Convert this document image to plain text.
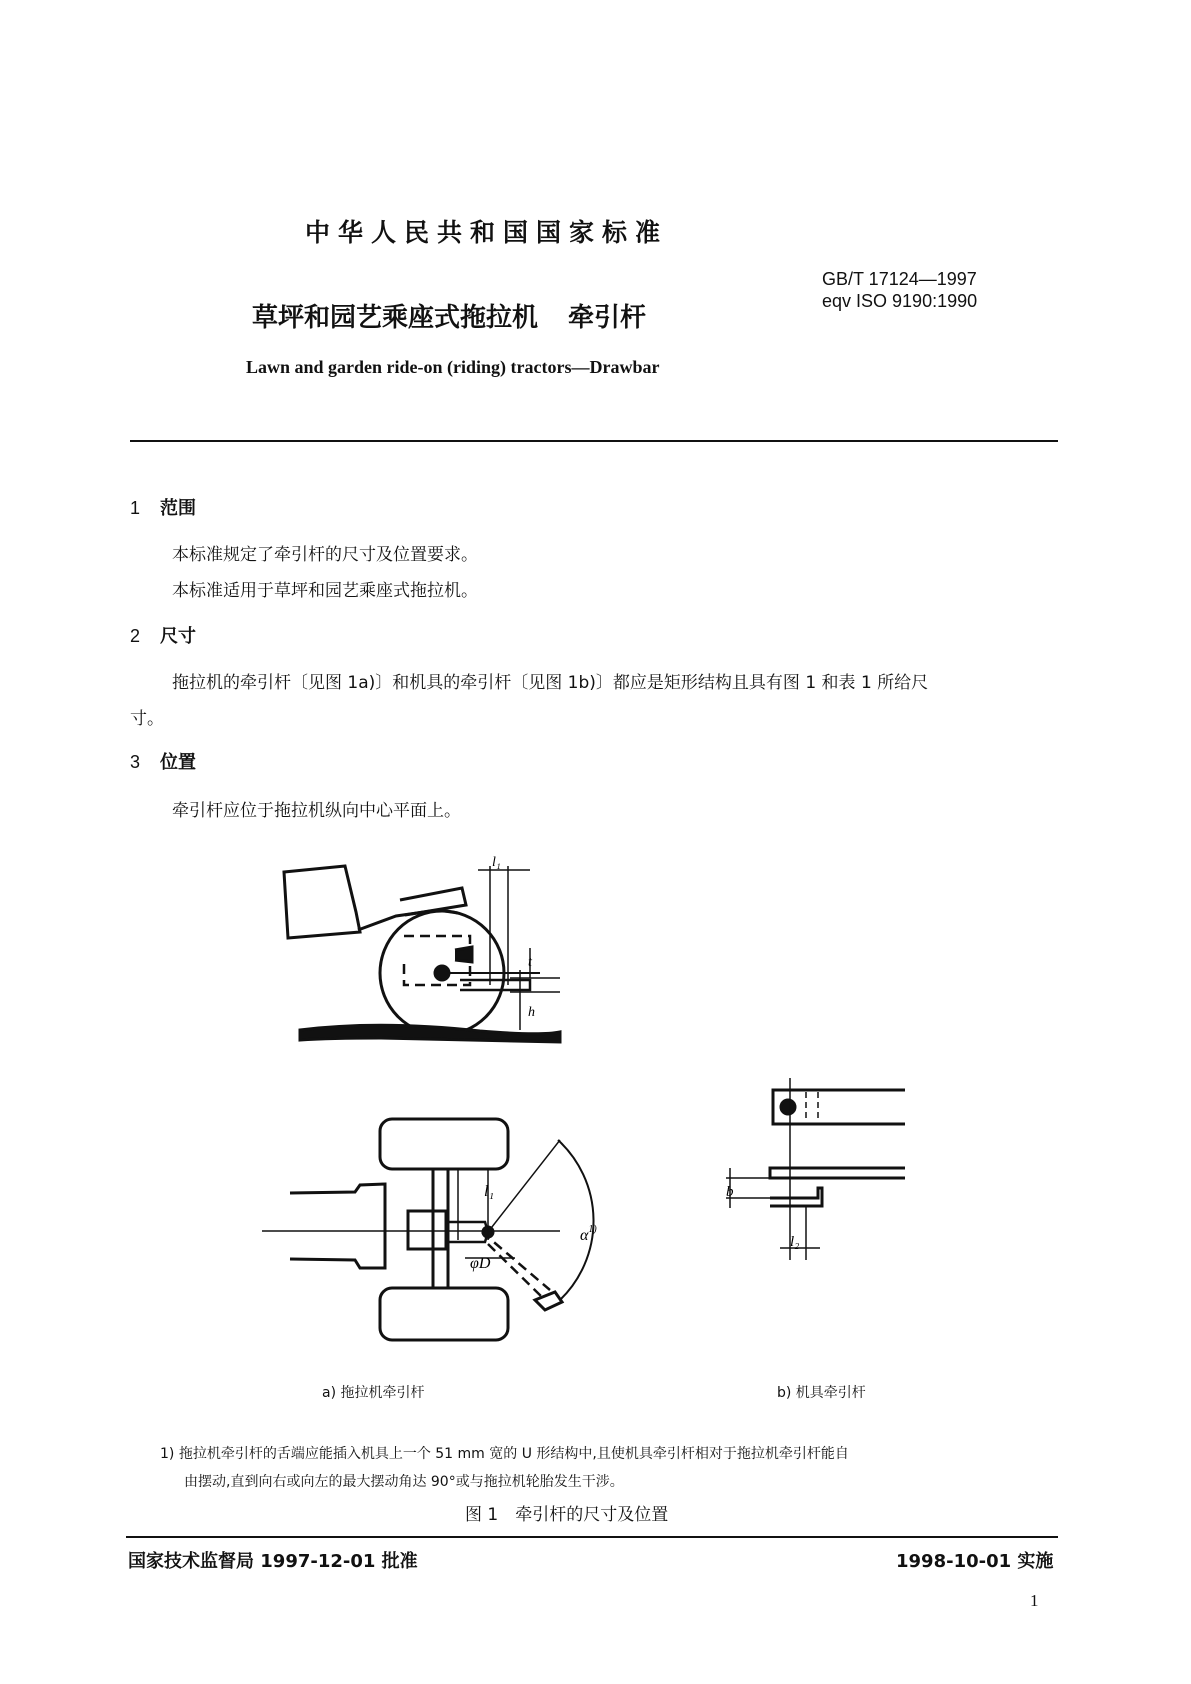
中华人民共和国国家标准
GB/T 17124—1997
eqv ISO 9190:1990
草坪和园艺乘座式拖拉机 牵引杆
Lawn and garden ride-on (riding) tractors—Drawbar
1 范围
本标准规定了牵引杆的尺寸及位置要求。
本标准适用于草坪和园艺乘座式拖拉机。
2 尺寸
拖拉机的牵引杆〔见图 1a)〕和机具的牵引杆〔见图 1b)〕都应是矩形结构且具有图 1 和表 1 所给尺
寸。
3 位置
牵引杆应位于拖拉机纵向中心平面上。
l₁
t
h
l₁
$\alpha^{1)}$
φD
b
l₂
a) 拖拉机牵引杆	b) 机具牵引杆
1) 拖拉机牵引杆的舌端应能插入机具上一个 51 mm 宽的 U 形结构中,且使机具牵引杆相对于拖拉机牵引杆能自
由摆动,直到向右或向左的最大摆动角达 90°或与拖拉机轮胎发生干涉。
图 1　牵引杆的尺寸及位置
国家技术监督局 1997-12-01 批准	1998-10-01 实施
1
